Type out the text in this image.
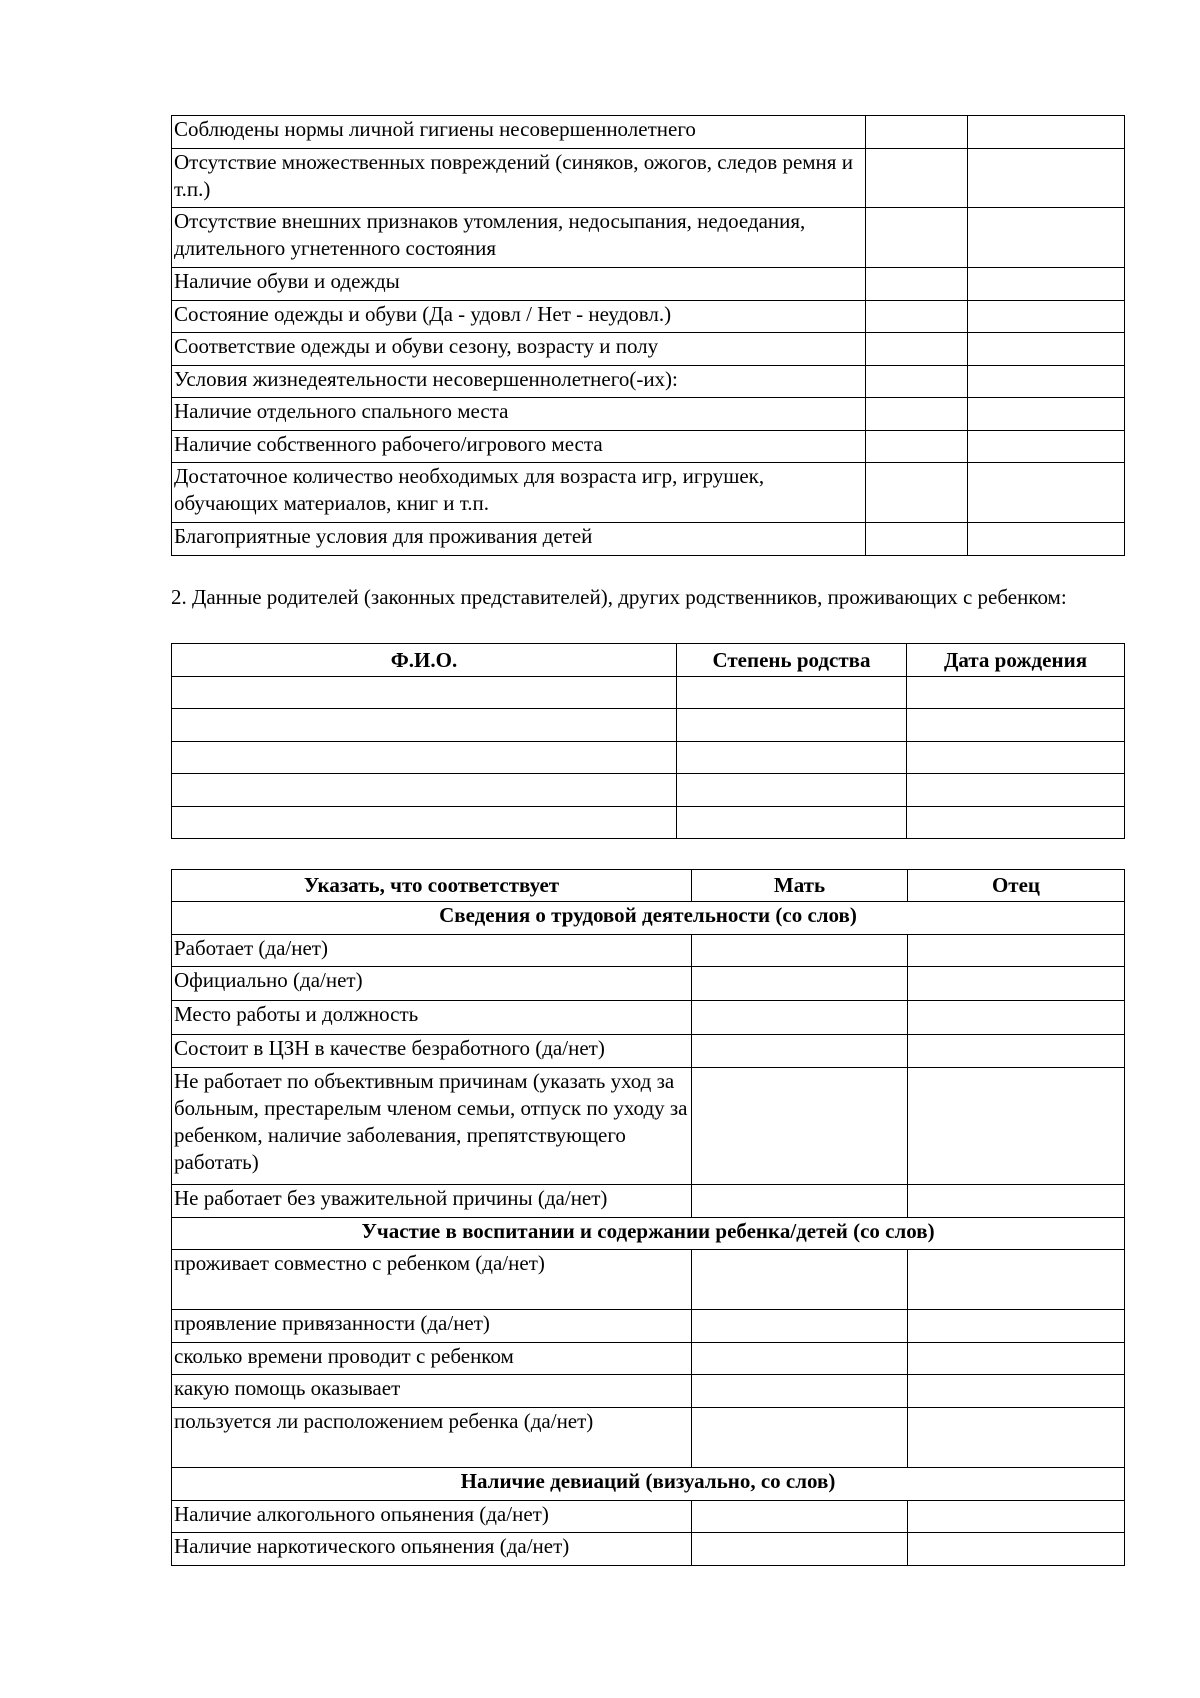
Соблюдены нормы личной гигиены несовершеннолетнего		
Отсутствие множественных повреждений (синяков, ожогов, следов ремня и т.п.)		
Отсутствие внешних признаков утомления, недосыпания, недоедания, длительного угнетенного состояния		
Наличие обуви и одежды		
Состояние одежды и обуви (Да - удовл / Нет - неудовл.)		
Соответствие одежды и обуви сезону, возрасту и полу		
Условия жизнедеятельности несовершеннолетнего(-их):		
Наличие отдельного спального места		
Наличие собственного рабочего/игрового места		
Достаточное количество необходимых для возраста игр, игрушек, обучающих материалов, книг и т.п.		
Благоприятные условия для проживания детей		

2. Данные родителей (законных представителей), других родственников, проживающих с ребенком:

Ф.И.О.	Степень родства	Дата рождения

Указать, что соответствует	Мать	Отец
Сведения о трудовой деятельности (со слов)		
Работает (да/нет)		
Официально (да/нет)		
Место работы и должность		
Состоит в ЦЗН в качестве безработного (да/нет)		
Не работает по объективным причинам (указать уход за больным, престарелым членом семьи, отпуск по уходу за ребенком, наличие заболевания, препятствующего работать)		
Не работает без уважительной причины (да/нет)		
Участие в воспитании и содержании ребенка/детей (со слов)		
проживает совместно с ребенком (да/нет)		
проявление привязанности (да/нет)		
сколько времени проводит с ребенком		
какую помощь оказывает		
пользуется ли расположением ребенка (да/нет)		
Наличие девиаций (визуально, со слов)		
Наличие алкогольного опьянения (да/нет)		
Наличие наркотического опьянения (да/нет)		
